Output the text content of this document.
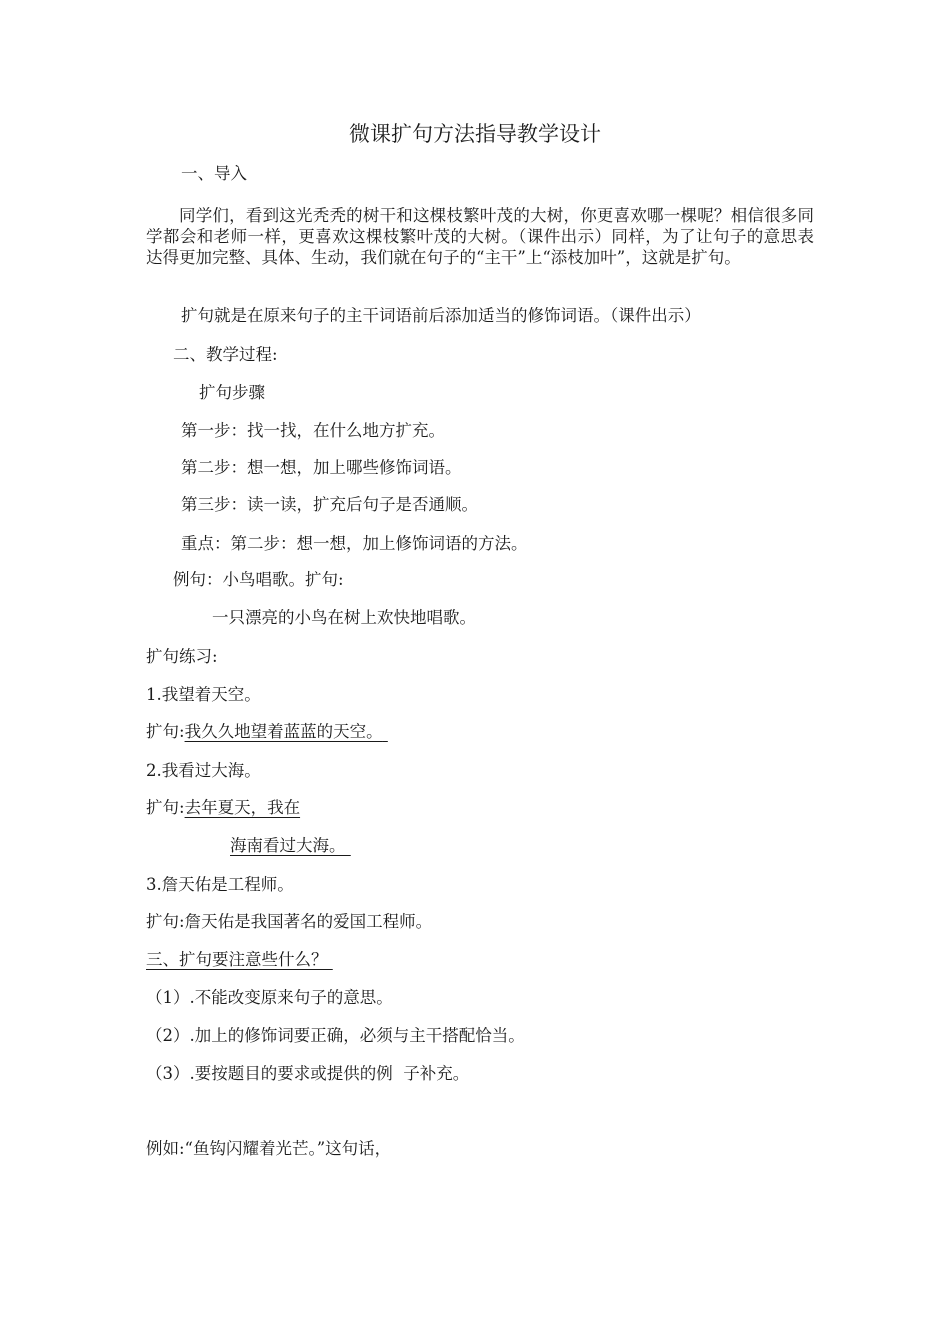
微课扩句方法指导教学设计
一、导入
同学们，看到这光秃秃的树干和这棵枝繁叶茂的大树，你更喜欢哪一棵呢？相信很多同学都会和老师一样，更喜欢这棵枝繁叶茂的大树。（课件出示）同样，为了让句子的意思表达得更加完整、具体、生动，我们就在句子的“主干”上“添枝加叶”，这就是扩句。
扩句就是在原来句子的主干词语前后添加适当的修饰词语。（课件出示）
二、教学过程:
扩句步骤
第一步：找一找，在什么地方扩充。
第二步：想一想，加上哪些修饰词语。
第三步：读一读，扩充后句子是否通顺。
重点：第二步：想一想，加上修饰词语的方法。
例句：小鸟唱歌。扩句:
一只漂亮的小鸟在树上欢快地唱歌。
扩句练习:
1.我望着天空。
扩句:我久久地望着蓝蓝的天空。
2.我看过大海。
扩句:去年夏天，我在
海南看过大海。
3.詹天佑是工程师。
扩句:詹天佑是我国著名的爱国工程师。
三、扩句要注意些什么？
（1）.不能改变原来句子的意思。
（2）.加上的修饰词要正确，必须与主干搭配恰当。
（3）.要按题目的要求或提供的例  子补充。
例如:“鱼钩闪耀着光芒。”这句话，
